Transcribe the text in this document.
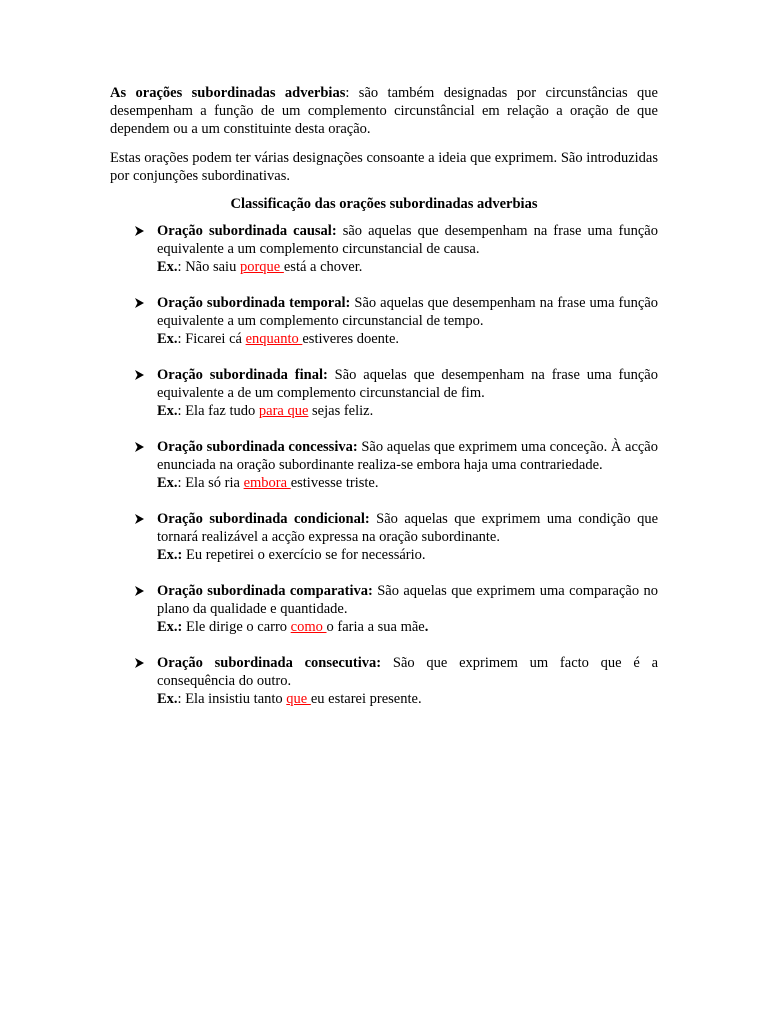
As orações subordinadas adverbias: são também designadas por circunstâncias que desempenham a função de um complemento circunstâncial em relação a oração de que dependem ou a um constituinte desta oração.

Estas orações podem ter várias designações consoante a ideia que exprimem. São introduzidas por conjunções subordinativas.

Classificação das orações subordinadas adverbias

Oração subordinada causal: são aquelas que desempenham na frase uma função equivalente a um complemento circunstancial de causa.

Ex.: Não saiu porque está a chover.

Oração subordinada temporal: São aquelas que desempenham na frase uma função equivalente a um complemento circunstancial de tempo.

Ex.: Ficarei cá enquanto estiveres doente.

Oração subordinada final: São aquelas que desempenham na frase uma função equivalente a de um complemento circunstancial de fim.

Ex.: Ela faz tudo para que sejas feliz.

Oração subordinada concessiva: São aquelas que exprimem uma conceção. À acção enunciada na oração subordinante realiza-se embora haja uma contrariedade.

Ex.: Ela só ria embora estivesse triste.

Oração subordinada condicional: São aquelas que exprimem uma condição que tornará realizável a acção expressa na oração subordinante.

Ex.: Eu repetirei o exercício se for necessário.

Oração subordinada comparativa: São aquelas que exprimem uma comparação no plano da qualidade e quantidade.

Ex.: Ele dirige o carro como o faria a sua mãe.

Oração subordinada consecutiva: São que exprimem um facto que é a consequência do outro.

Ex.: Ela insistiu tanto que eu estarei presente.
